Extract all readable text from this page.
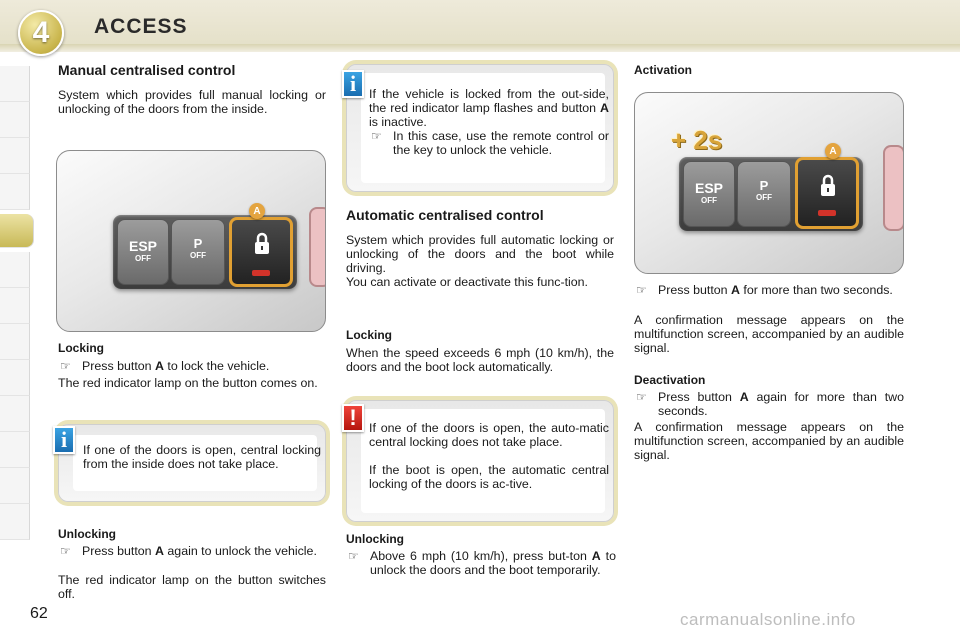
4	ACCESS
Manual centralised control

System which provides full manual locking or unlocking of the doors from the inside.

ESP
OFF
P
OFF
A
Locking
☞ Press button A to lock the vehicle.

The red indicator lamp on the button comes on.

If one of the doors is open, central locking from the inside does not take place.

i
Unlocking
☞ Press button A again to unlock the vehicle.

The red indicator lamp on the button switches off.

If the vehicle is locked from the out-side, the red indicator lamp flashes and button A is inactive.
☞ In this case, use the remote control or the key to unlock the vehicle.
i
Automatic centralised control

System which provides full automatic locking or unlocking of the doors and the boot while driving.

You can activate or deactivate this func-tion.

Locking

When the speed exceeds 6 mph (10 km/h), the doors and the boot lock automatically.

If one of the doors is open, the auto-matic central locking does not take place.

If the boot is open, the automatic central locking of the doors is ac-tive.

!
Unlocking
☞ Above 6 mph (10 km/h), press but-ton A to unlock the doors and the boot temporarily.
Activation
+ 2s
ESP
OFF
P
OFF
A
☞ Press button A for more than two seconds.

A confirmation message appears on the multifunction screen, accompanied by an audible signal.

Deactivation
☞ Press button A again for more than two seconds.

A confirmation message appears on the multifunction screen, accompanied by an audible signal.

62	carmanualsonline.info
